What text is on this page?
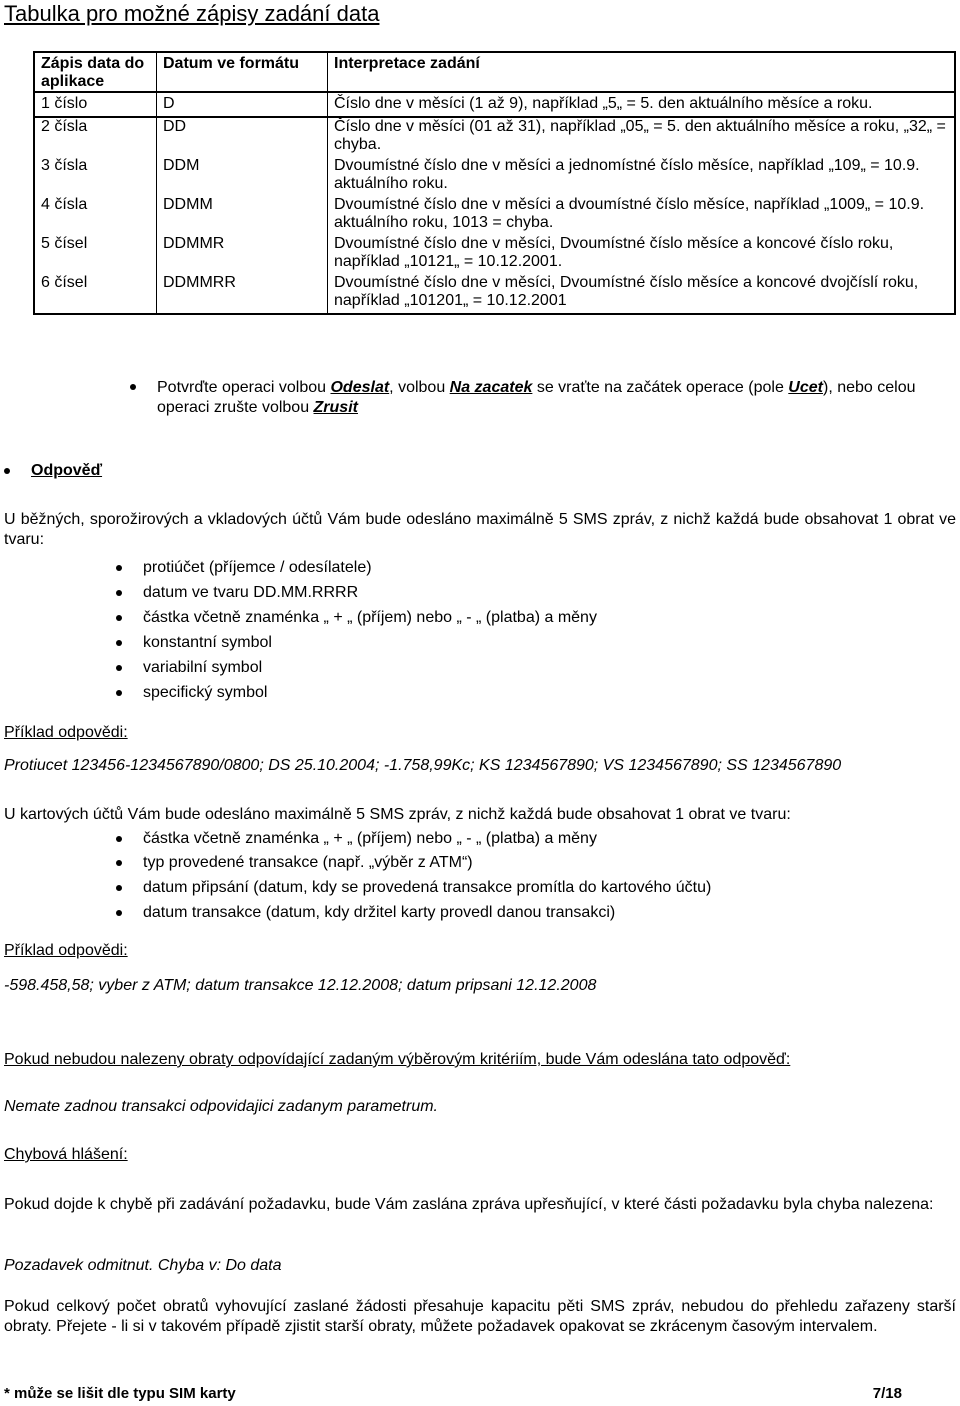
Tabulka pro možné zápisy zadání data
Zápis data do aplikace	Datum ve formátu	Interpretace zadání
1 číslo	D	Číslo dne v měsíci (1 až 9), například „5„ = 5. den aktuálního měsíce a roku.
2 čísla	DD	Číslo dne v měsíci (01 až 31), například „05„ = 5. den aktuálního měsíce a roku, „32„ = chyba.
3 čísla	DDM	Dvoumístné číslo dne v měsíci a jednomístné číslo měsíce, například „109„ = 10.9. aktuálního roku.
4 čísla	DDMM	Dvoumístné číslo dne v měsíci a dvoumístné číslo měsíce, například „1009„ = 10.9. aktuálního roku, 1013 = chyba.
5 čísel	DDMMR	Dvoumístné číslo dne v měsíci, Dvoumístné číslo měsíce a koncové číslo roku, například „10121„ = 10.12.2001.
6 čísel	DDMMRR	Dvoumístné číslo dne v měsíci, Dvoumístné číslo měsíce a koncové dvojčíslí roku, například „101201„ = 10.12.2001
Potvrďte operaci volbou Odeslat, volbou Na zacatek se vraťte na začátek operace (pole Ucet), nebo celou operaci zrušte volbou Zrusit
Odpověď
U běžných, sporožirových a vkladových účtů Vám bude odesláno maximálně 5 SMS zpráv, z nichž každá bude obsahovat 1 obrat ve tvaru:
protiúčet (příjemce / odesílatele)
datum ve tvaru DD.MM.RRRR
částka včetně znaménka „ + „ (příjem) nebo „ - „ (platba) a měny
konstantní symbol
variabilní symbol
specifický symbol
Příklad odpovědi:
Protiucet 123456-1234567890/0800; DS 25.10.2004; -1.758,99Kc; KS 1234567890; VS 1234567890; SS 1234567890
U kartových účtů Vám bude odesláno maximálně 5 SMS zpráv, z nichž každá bude obsahovat 1 obrat ve tvaru:
částka včetně znaménka „ + „ (příjem) nebo „ - „ (platba) a měny
typ provedené transakce (např. „výběr z ATM“)
datum připsání (datum, kdy se provedená transakce promítla do kartového účtu)
datum transakce (datum, kdy držitel karty provedl danou transakci)
Příklad odpovědi:
-598.458,58; vyber z ATM; datum transakce 12.12.2008; datum pripsani 12.12.2008
Pokud nebudou nalezeny obraty odpovídající zadaným výběrovým kritériím, bude Vám odeslána tato odpověď:
Nemate zadnou transakci odpovidajici zadanym parametrum.
Chybová hlášení:
Pokud dojde k chybě při zadávání požadavku, bude Vám zaslána zpráva upřesňující, v které části požadavku byla chyba nalezena:
Pozadavek odmitnut. Chyba v: Do data
Pokud celkový počet obratů vyhovující zaslané žádosti přesahuje kapacitu pěti SMS zpráv, nebudou do přehledu zařazeny starší obraty. Přejete - li si v takovém případě zjistit starší obraty, můžete požadavek opakovat se zkrácenym časovým intervalem.
* může se lišit dle typu SIM karty	7/18
